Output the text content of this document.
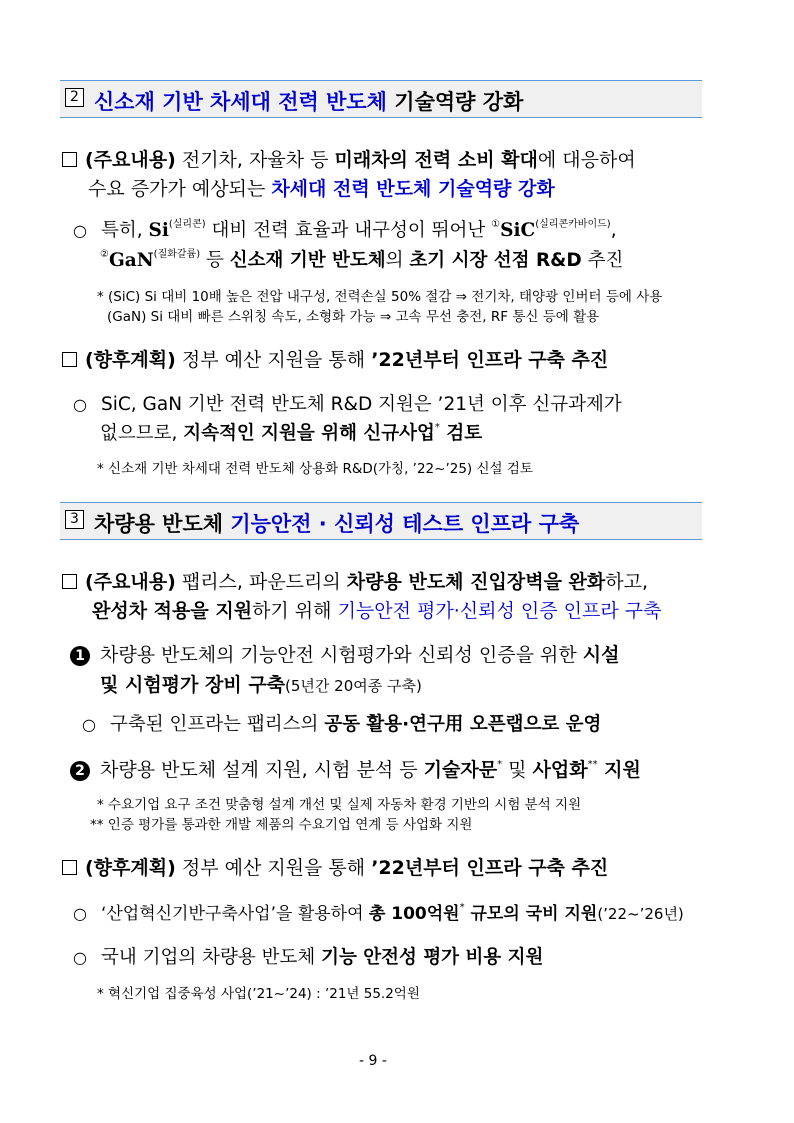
2 신소재 기반 차세대 전력 반도체 기술역량 강화
(주요내용) 전기차, 자율차 등 미래차의 전력 소비 확대에 대응하여
수요 증가가 예상되는 차세대 전력 반도체 기술역량 강화
○ 특히, $Si^{(실리콘)}$ 대비 전력 효율과 내구성이 뛰어난 ①SiC$^{(실리콘카바이드)}$,
②GaN$^{(질화갈륨)}$ 등 신소재 기반 반도체의 초기 시장 선점 R&D 추진
* (SiC) Si 대비 10배 높은 전압 내구성, 전력손실 50% 절감 ⇒ 전기차, 태양광 인버터 등에 사용
(GaN) Si 대비 빠른 스위칭 속도, 소형화 가능 ⇒ 고속 무선 충전, RF 통신 등에 활용
(향후계획) 정부 예산 지원을 통해 ’22년부터 인프라 구축 추진
○ SiC, GaN 기반 전력 반도체 R&D 지원은 ’21년 이후 신규과제가
없으므로, 지속적인 지원을 위해 신규사업* 검토
* 신소재 기반 차세대 전력 반도체 상용화 R&D(가칭, ’22~’25) 신설 검토
3 차량용 반도체 기능안전 · 신뢰성 테스트 인프라 구축
(주요내용) 팹리스, 파운드리의 차량용 반도체 진입장벽을 완화하고,
완성차 적용을 지원하기 위해 기능안전 평가·신뢰성 인증 인프라 구축
1 차량용 반도체의 기능안전 시험평가와 신뢰성 인증을 위한 시설
및 시험평가 장비 구축(5년간 20여종 구축)
○ 구축된 인프라는 팹리스의 공동 활용·연구用 오픈랩으로 운영
2 차량용 반도체 설계 지원, 시험 분석 등 기술자문* 및 사업화** 지원
* 수요기업 요구 조건 맞춤형 설계 개선 및 실제 자동차 환경 기반의 시험 분석 지원
** 인증 평가를 통과한 개발 제품의 수요기업 연계 등 사업화 지원
(향후계획) 정부 예산 지원을 통해 ’22년부터 인프라 구축 추진
○ ‘산업혁신기반구축사업’을 활용하여 총 100억원* 규모의 국비 지원(’22~’26년)
○ 국내 기업의 차량용 반도체 기능 안전성 평가 비용 지원
* 혁신기업 집중육성 사업(’21~’24) : ’21년 55.2억원
- 9 -
